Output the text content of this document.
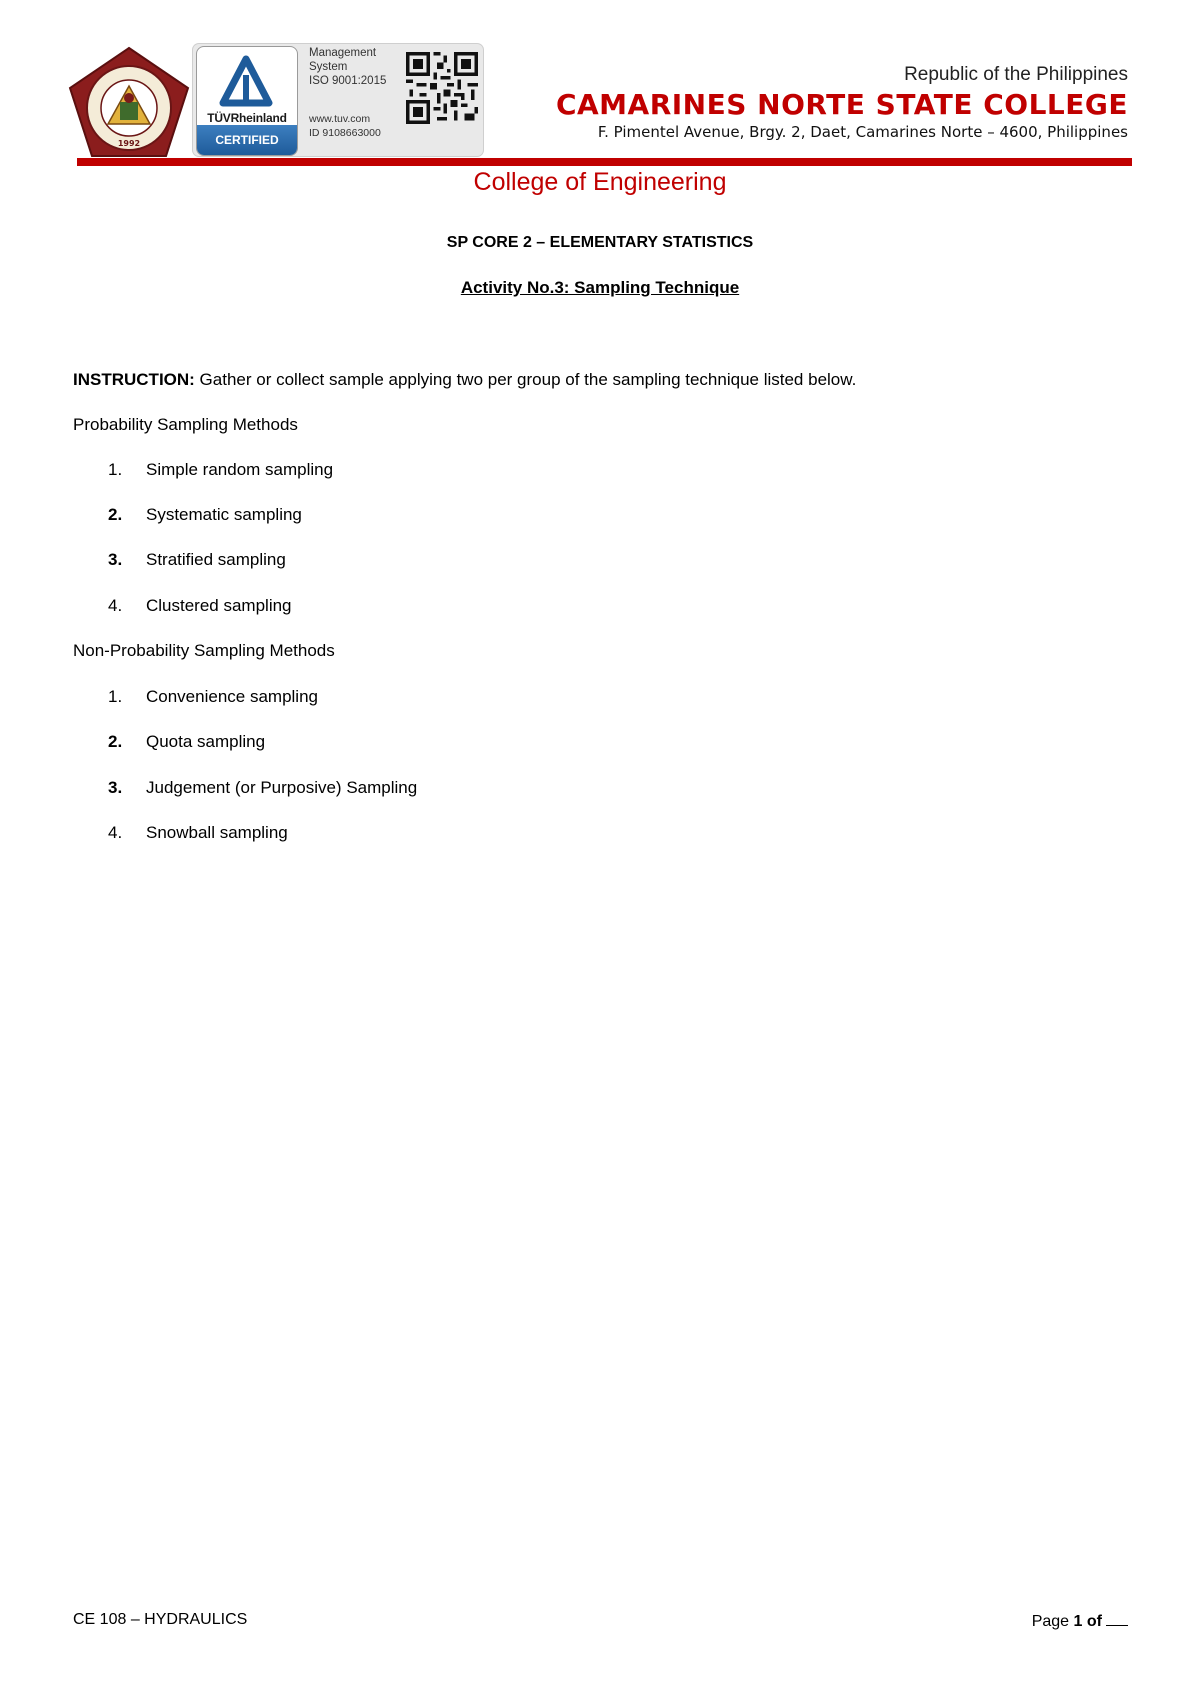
1992
TÜVRheinland
CERTIFIED
Management
System
ISO 9001:2015
www.tuv.com
ID 9108663000
Republic of the Philippines
CAMARINES NORTE STATE COLLEGE
F. Pimentel Avenue, Brgy. 2, Daet, Camarines Norte – 4600, Philippines
College of Engineering
SP CORE 2 – ELEMENTARY STATISTICS
Activity No.3: Sampling Technique
INSTRUCTION: Gather or collect sample applying two per group of the sampling technique listed below.
Probability Sampling Methods
1. Simple random sampling
2. Systematic sampling
3. Stratified sampling
4. Clustered sampling
Non-Probability Sampling Methods
1. Convenience sampling
2. Quota sampling
3. Judgement (or Purposive) Sampling
4. Snowball sampling
CE 108 – HYDRAULICS	Page 1 of
